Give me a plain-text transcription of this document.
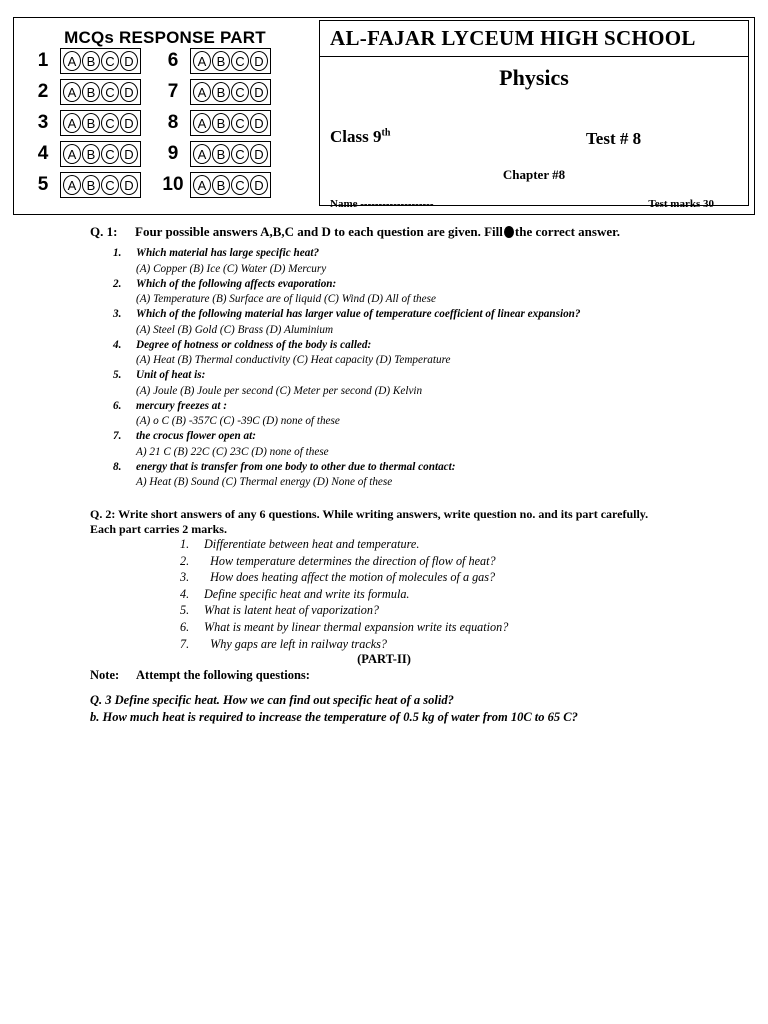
MCQs RESPONSE PART
1	A B C D
2	A B C D
3	A B C D
4	A B C D
5	A B C D
6	A B C D
7	A B C D
8	A B C D
9	A B C D
10	A B C D
AL-FAJAR LYCEUM HIGH SCHOOL
Physics
Class 9th	Test # 8
Chapter #8
Name --------------------	Test marks 30
Q. 1: Four possible answers A,B,C and D to each question are given. Fill the correct answer.
1.	Which material has large specific heat?
(A) Copper (B) Ice (C) Water (D) Mercury
2.	Which of the following affects evaporation:
(A) Temperature (B) Surface are of liquid (C) Wind (D) All of these
3.	Which of the following material has larger value of temperature coefficient of linear expansion?
(A) Steel (B) Gold (C) Brass (D) Aluminium
4.	Degree of hotness or coldness of the body is called:
(A) Heat (B) Thermal conductivity (C) Heat capacity (D) Temperature
5.	Unit of heat is:
(A) Joule (B) Joule per second (C) Meter per second (D) Kelvin
6.	mercury freezes at :
(A) o C (B) -357C (C) -39C (D) none of these
7.	the crocus flower open at:
A) 21 C (B) 22C (C) 23C (D) none of these
8.	energy that is transfer from one body to other due to thermal contact:
A) Heat (B) Sound (C) Thermal energy (D) None of these
Q. 2: Write short answers of any 6 questions. While writing answers, write question no. and its part carefully.
Each part carries 2 marks.
1.	Differentiate between heat and temperature.
2.	How temperature determines the direction of flow of heat?
3.	How does heating affect the motion of molecules of a gas?
4.	Define specific heat and write its formula.
5.	What is latent heat of vaporization?
6.	What is meant by linear thermal expansion write its equation?
7.	Why gaps are left in railway tracks?
(PART-II)
Note: Attempt the following questions:
Q. 3 Define specific heat. How we can find out specific heat of a solid?
b. How much heat is required to increase the temperature of 0.5 kg of water from 10C to 65 C?
